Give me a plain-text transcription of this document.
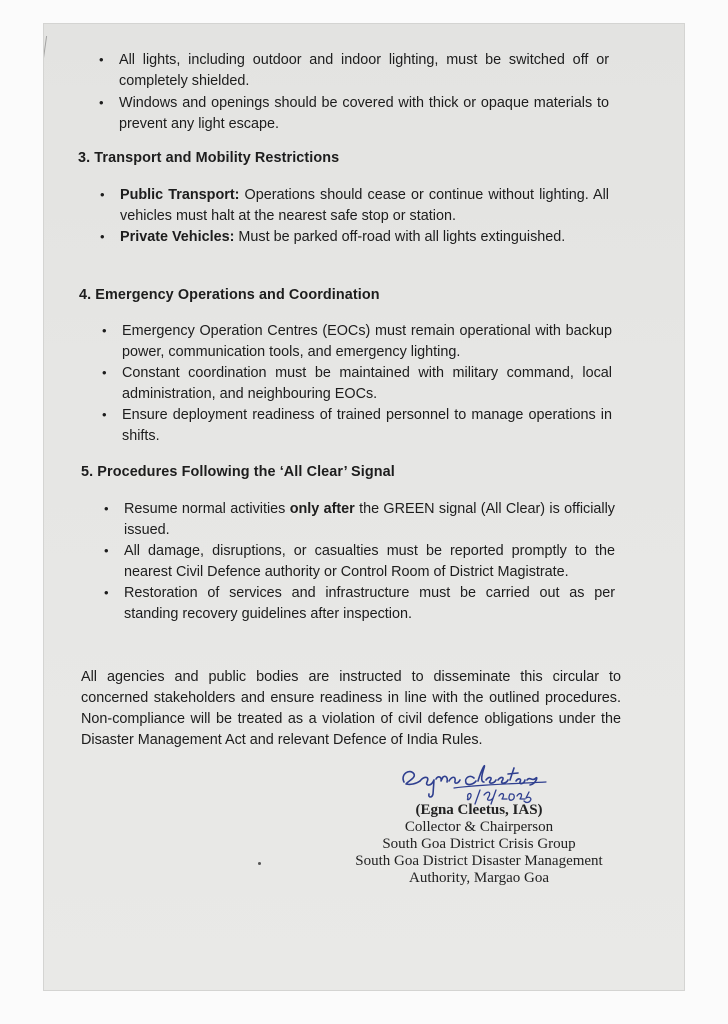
• All lights, including outdoor and indoor lighting, must be switched off or completely shielded.
• Windows and openings should be covered with thick or opaque materials to prevent any light escape.
3. Transport and Mobility Restrictions
• Public Transport: Operations should cease or continue without lighting. All vehicles must halt at the nearest safe stop or station.
• Private Vehicles: Must be parked off-road with all lights extinguished.
4. Emergency Operations and Coordination
• Emergency Operation Centres (EOCs) must remain operational with backup power, communication tools, and emergency lighting.
• Constant coordination must be maintained with military command, local administration, and neighbouring EOCs.
• Ensure deployment readiness of trained personnel to manage operations in shifts.
5. Procedures Following the ‘All Clear’ Signal
• Resume normal activities only after the GREEN signal (All Clear) is officially issued.
• All damage, disruptions, or casualties must be reported promptly to the nearest Civil Defence authority or Control Room of District Magistrate.
• Restoration of services and infrastructure must be carried out as per standing recovery guidelines after inspection.

All agencies and public bodies are instructed to disseminate this circular to concerned stakeholders and ensure readiness in line with the outlined procedures. Non-compliance will be treated as a violation of civil defence obligations under the Disaster Management Act and relevant Defence of India Rules.

(Egna Cleetus, IAS)
Collector & Chairperson
South Goa District Crisis Group
South Goa District Disaster Management
Authority, Margao Goa
